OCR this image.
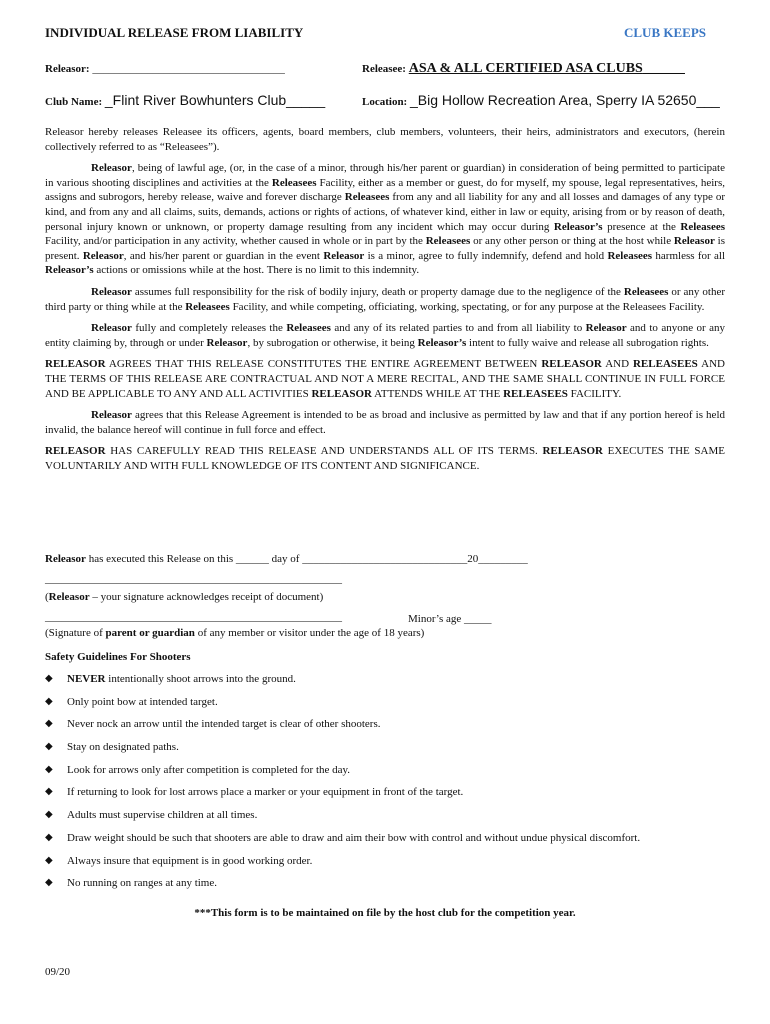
INDIVIDUAL RELEASE FROM LIABILITY	CLUB KEEPS
Releasor: ___________________________________	Releasee: ASA & ALL CERTIFIED ASA CLUBS______
Club Name: _Flint River Bowhunters Club_____	Location: _Big Hollow Recreation Area, Sperry IA 52650___

Releasor hereby releases Releasee its officers, agents, board members, club members, volunteers, their heirs, administrators and executors, (herein collectively referred to as “Releasees”).

Releasor, being of lawful age, (or, in the case of a minor, through his/her parent or guardian) in consideration of being permitted to participate in various shooting disciplines and activities at the Releasees Facility, either as a member or guest, do for myself, my spouse, legal representatives, heirs, assigns and subrogors, hereby release, waive and forever discharge Releasees from any and all liability for any and all losses and damages of any type or kind, and from any and all claims, suits, demands, actions or rights of actions, of whatever kind, either in law or equity, arising from or by reason of death, personal injury known or unknown, or property damage resulting from any incident which may occur during Releasor’s presence at the Releasees Facility, and/or participation in any activity, whether caused in whole or in part by the Releasees or any other person or thing at the host while Releasor is present. Releasor, and his/her parent or guardian in the event Releasor is a minor, agree to fully indemnify, defend and hold Releasees harmless for all Releasor’s actions or omissions while at the host. There is no limit to this indemnity.

Releasor assumes full responsibility for the risk of bodily injury, death or property damage due to the negligence of the Releasees or any other third party or thing while at the Releasees Facility, and while competing, officiating, working, spectating, or for any purpose at the Releasees Facility.

Releasor fully and completely releases the Releasees and any of its related parties to and from all liability to Releasor and to anyone or any entity claiming by, through or under Releasor, by subrogation or otherwise, it being Releasor’s intent to fully waive and release all subrogation rights.

RELEASOR AGREES THAT THIS RELEASE CONSTITUTES THE ENTIRE AGREEMENT BETWEEN RELEASOR AND RELEASEES AND THE TERMS OF THIS RELEASE ARE CONTRACTUAL AND NOT A MERE RECITAL, AND THE SAME SHALL CONTINUE IN FULL FORCE AND BE APPLICABLE TO ANY AND ALL ACTIVITIES RELEASOR ATTENDS WHILE AT THE RELEASEES FACILITY.

Releasor agrees that this Release Agreement is intended to be as broad and inclusive as permitted by law and that if any portion hereof is held invalid, the balance hereof will continue in full force and effect.

RELEASOR HAS CAREFULLY READ THIS RELEASE AND UNDERSTANDS ALL OF ITS TERMS. RELEASOR EXECUTES THE SAME VOLUNTARILY AND WITH FULL KNOWLEDGE OF ITS CONTENT AND SIGNIFICANCE.

Releasor has executed this Release on this ______ day of ______________________________20_________
______________________________________________________
(Releasor – your signature acknowledges receipt of document)
______________________________________________________	Minor’s age _____
(Signature of parent or guardian of any member or visitor under the age of 18 years)
Safety Guidelines For Shooters
◆	NEVER intentionally shoot arrows into the ground.
◆	Only point bow at intended target.
◆	Never nock an arrow until the intended target is clear of other shooters.
◆	Stay on designated paths.
◆	Look for arrows only after competition is completed for the day.
◆	If returning to look for lost arrows place a marker or your equipment in front of the target.
◆	Adults must supervise children at all times.
◆	Draw weight should be such that shooters are able to draw and aim their bow with control and without undue physical discomfort.
◆	Always insure that equipment is in good working order.
◆	No running on ranges at any time.
***This form is to be maintained on file by the host club for the competition year.
09/20
